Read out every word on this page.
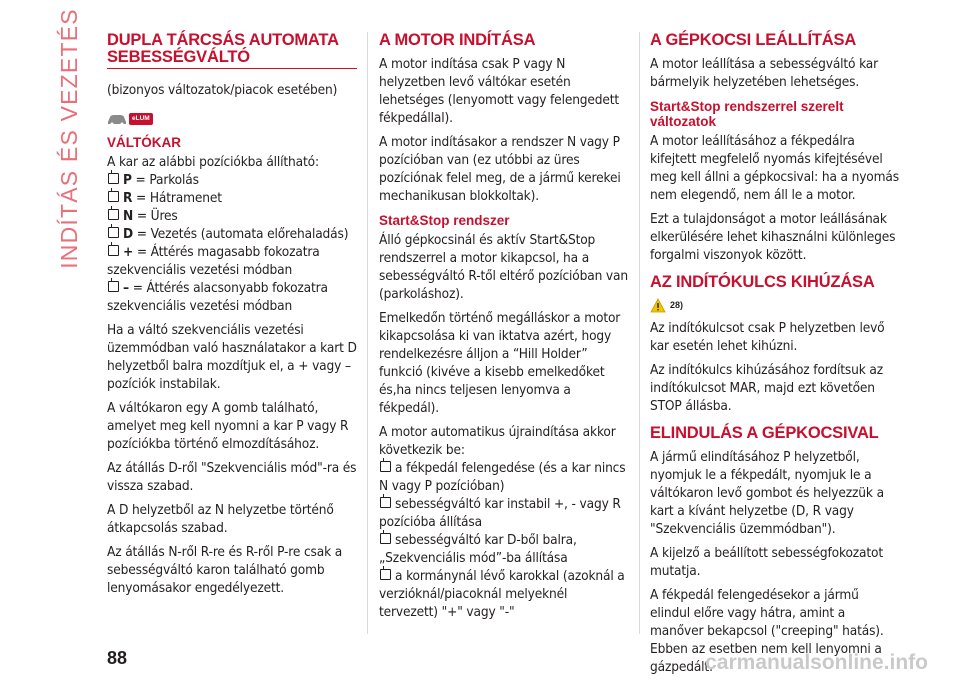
INDÍTÁS ÉS VEZETÉS DUPLA TÁRCSÁS AUTOMATA SEBESSÉGVÁLTÓ

(bizonyos változatok/piacok esetében)

eLUM
VÁLTÓKAR

A kar az alábbi pozíciókba állítható:

P = Parkolás
R = Hátramenet
N = Üres
D = Vezetés (automata előrehaladás)
+ = Áttérés magasabb fokozatra szekvenciális vezetési módban
– = Áttérés alacsonyabb fokozatra szekvenciális vezetési módban

Ha a váltó szekvenciális vezetési üzemmódban való használatakor a kart D helyzetből balra mozdítjuk el, a + vagy – pozíciók instabilak.

A váltókaron egy A gomb található, amelyet meg kell nyomni a kar P vagy R pozíciókba történő elmozdításához.

Az átállás D-ről "Szekvenciális mód"-ra és vissza szabad.

A D helyzetből az N helyzetbe történő átkapcsolás szabad.

Az átállás N-ről R-re és R-ről P-re csak a sebességváltó karon található gomb lenyomásakor engedélyezett.

A MOTOR INDÍTÁSA

A motor indítása csak P vagy N helyzetben levő váltókar esetén lehetséges (lenyomott vagy felengedett fékpedállal).

A motor indításakor a rendszer N vagy P pozícióban van (ez utóbbi az üres pozíciónak felel meg, de a jármű kerekei mechanikusan blokkoltak).

Start&Stop rendszer

Álló gépkocsinál és aktív Start&Stop rendszerrel a motor kikapcsol, ha a sebességváltó R-től eltérő pozícióban van (parkoláshoz).

Emelkedőn történő megálláskor a motor kikapcsolása ki van iktatva azért, hogy rendelkezésre álljon a “Hill Holder” funkció (kivéve a kisebb emelkedőket és,ha nincs teljesen lenyomva a fékpedál).

A motor automatikus újraindítása akkor következik be:

a fékpedál felengedése (és a kar nincs N vagy P pozícióban)
sebességváltó kar instabil +, - vagy R pozícióba állítása
sebességváltó kar D-ből balra, „Szekvenciális mód”-ba állítása
a kormánynál lévő karokkal (azoknál a verzióknál/piacoknál melyeknél tervezett) "+" vagy "-"
A GÉPKOCSI LEÁLLÍTÁSA

A motor leállítása a sebességváltó kar bármelyik helyzetében lehetséges.

Start&Stop rendszerrel szerelt változatok

A motor leállításához a fékpedálra kifejtett megfelelő nyomás kifejtésével meg kell állni a gépkocsival: ha a nyomás nem elegendő, nem áll le a motor.

Ezt a tulajdonságot a motor leállásának elkerülésére lehet kihasználni különleges forgalmi viszonyok között.

AZ INDÍTÓKULCS KIHÚZÁSA
28)

Az indítókulcsot csak P helyzetben levő kar esetén lehet kihúzni.

Az indítókulcs kihúzásához fordítsuk az indítókulcsot MAR, majd ezt követően STOP állásba.

ELINDULÁS A GÉPKOCSIVAL

A jármű elindításához P helyzetből, nyomjuk le a fékpedált, nyomjuk le a váltókaron levő gombot és helyezzük a kart a kívánt helyzetbe (D, R vagy "Szekvenciális üzemmódban").

A kijelző a beállított sebességfokozatot mutatja.

A fékpedál felengedésekor a jármű elindul előre vagy hátra, amint a manőver bekapcsol ("creeping" hatás). Ebben az esetben nem kell lenyomni a gázpedált.

88	carmanualsonline.info
